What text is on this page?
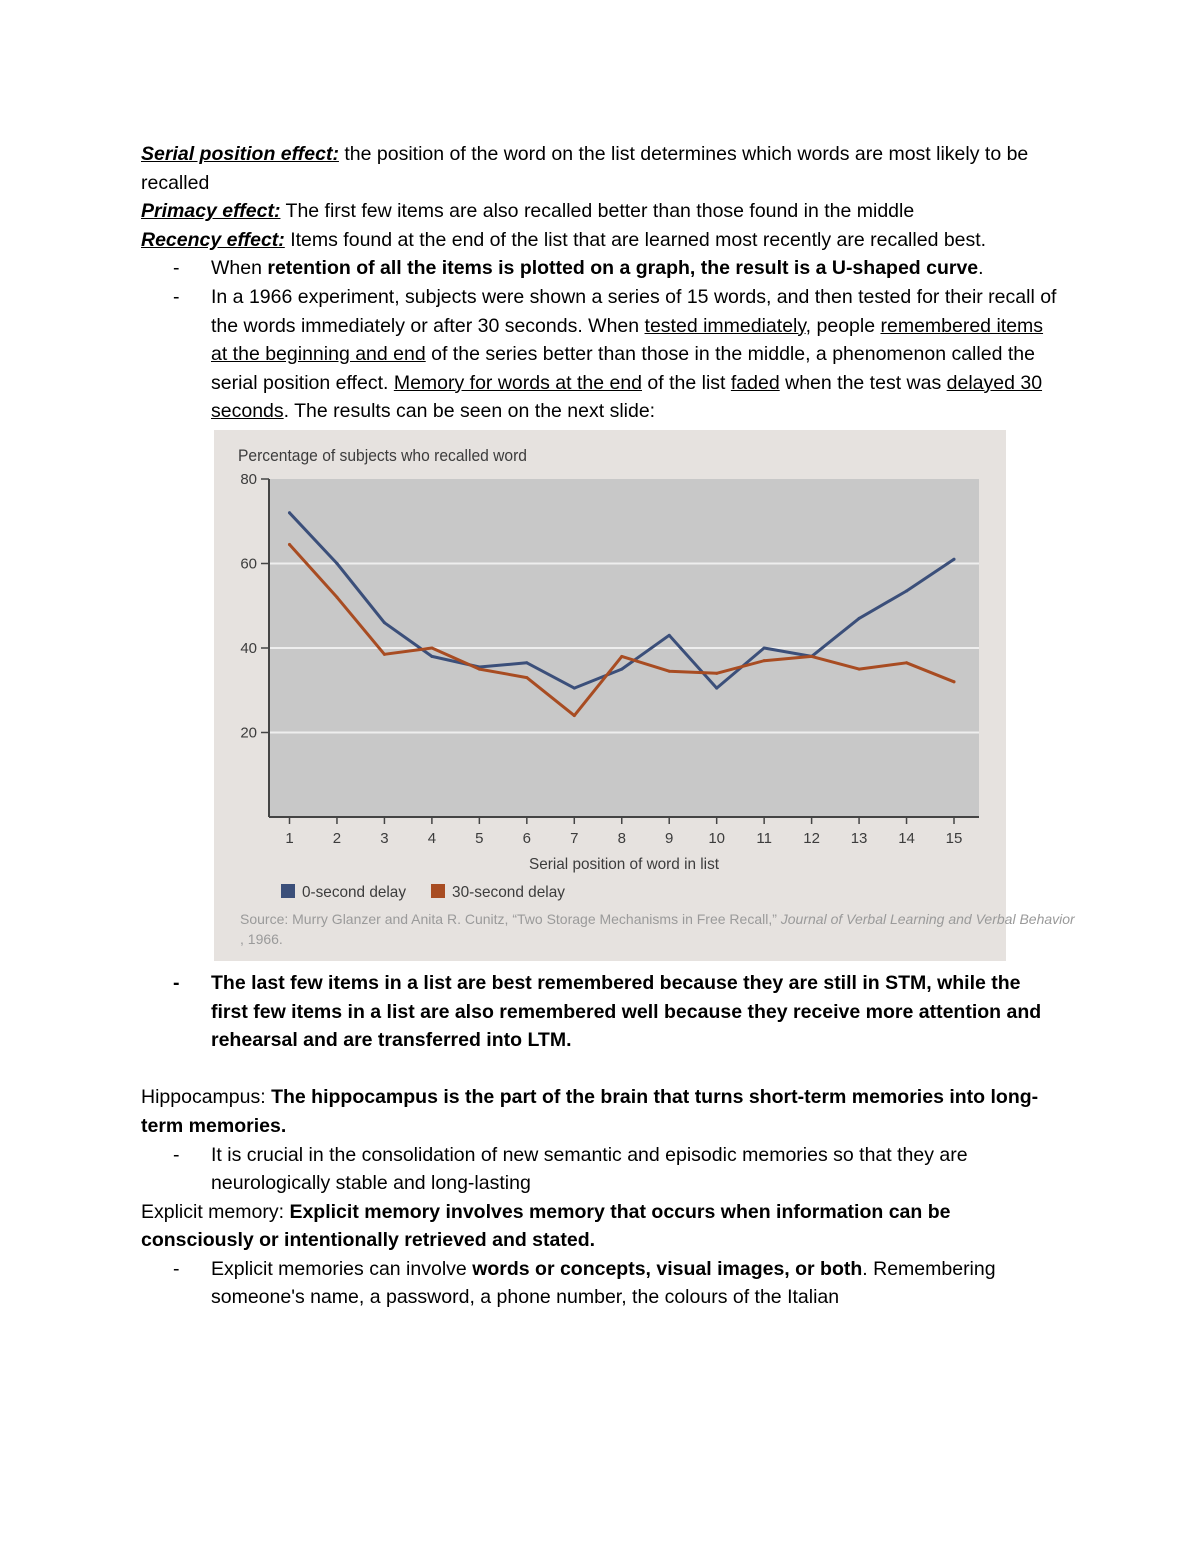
Serial position effect: the position of the word on the list determines which words are most likely to be recalled

Primacy effect: The first few items are also recalled better than those found in the middle

Recency effect: Items found at the end of the list that are learned most recently are recalled best.

- When retention of all the items is plotted on a graph, the result is a U-shaped curve.

- In a 1966 experiment, subjects were shown a series of 15 words, and then tested for their recall of the words immediately or after 30 seconds. When tested immediately, people remembered items at the beginning and end of the series better than those in the middle, a phenomenon called the serial position effect. Memory for words at the end of the list faded when the test was delayed 30 seconds. The results can be seen on the next slide:

Percentage of subjects who recalled word
20
40
60
80
1	2	3	4	5	6	7	8	9 10 11 12 13 14 15
Serial position of word in list
0-second delay	30-second delay
Source: Murry Glanzer and Anita R. Cunitz, “Two Storage Mechanisms in Free Recall,” Journal of Verbal Learning and Verbal Behavior
, 1966.

- The last few items in a list are best remembered because they are still in STM, while the first few items in a list are also remembered well because they receive more attention and rehearsal and are transferred into LTM.

Hippocampus: The hippocampus is the part of the brain that turns short-term memories into long-term memories.

- It is crucial in the consolidation of new semantic and episodic memories so that they are neurologically stable and long-lasting

Explicit memory: Explicit memory involves memory that occurs when information can be consciously or intentionally retrieved and stated.

- Explicit memories can involve words or concepts, visual images, or both. Remembering someone's name, a password, a phone number, the colours of the Italian
